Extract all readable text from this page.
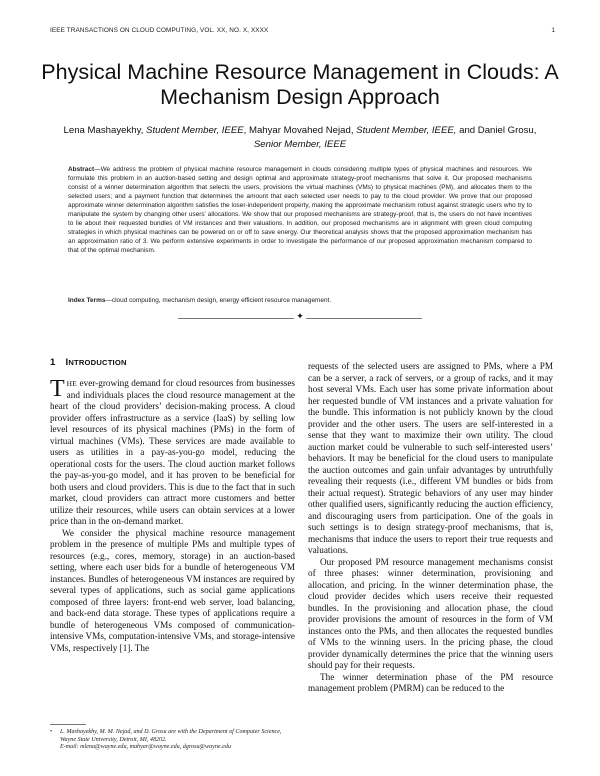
IEEE TRANSACTIONS ON CLOUD COMPUTING, VOL. XX, NO. X, XXXX	1
Physical Machine Resource Management in Clouds: A Mechanism Design Approach
Lena Mashayekhy, Student Member, IEEE, Mahyar Movahed Nejad, Student Member, IEEE, and Daniel Grosu, Senior Member, IEEE
Abstract—We address the problem of physical machine resource management in clouds considering multiple types of physical machines and resources. We formulate this problem in an auction-based setting and design optimal and approximate strategy-proof mechanisms that solve it. Our proposed mechanisms consist of a winner determination algorithm that selects the users, provisions the virtual machines (VMs) to physical machines (PM), and allocates them to the selected users; and a payment function that determines the amount that each selected user needs to pay to the cloud provider. We prove that our proposed approximate winner determination algorithm satisfies the loser-independent property, making the approximate mechanism robust against strategic users who try to manipulate the system by changing other users’ allocations. We show that our proposed mechanisms are strategy-proof, that is, the users do not have incentives to lie about their requested bundles of VM instances and their valuations. In addition, our proposed mechanisms are in alignment with green cloud computing strategies in which physical machines can be powered on or off to save energy. Our theoretical analysis shows that the proposed approximation mechanism has an approximation ratio of 3. We perform extensive experiments in order to investigate the performance of our proposed approximation mechanism compared to that of the optimal mechanism.
Index Terms—cloud computing, mechanism design, energy efficient resource management.
✦
1 INTRODUCTION

THE ever-growing demand for cloud resources from businesses and individuals places the cloud resource management at the heart of the cloud providers’ decision-making process. A cloud provider offers infrastructure as a service (IaaS) by selling low level resources of its physical machines (PMs) in the form of virtual machines (VMs). These services are made available to users as utilities in a pay-as-you-go model, reducing the operational costs for the users. The cloud auction market follows the pay-as-you-go model, and it has proven to be beneficial for both users and cloud providers. This is due to the fact that in such market, cloud providers can attract more customers and better utilize their resources, while users can obtain services at a lower price than in the on-demand market.

We consider the physical machine resource management problem in the presence of multiple PMs and multiple types of resources (e.g., cores, memory, storage) in an auction-based setting, where each user bids for a bundle of heterogeneous VM instances. Bundles of heterogeneous VM instances are required by several types of applications, such as social game applications composed of three layers: front-end web server, load balancing, and back-end data storage. These types of applications require a bundle of heterogeneous VMs composed of communication-intensive VMs, computation-intensive VMs, and storage-intensive VMs, respectively [1]. The

requests of the selected users are assigned to PMs, where a PM can be a server, a rack of servers, or a group of racks, and it may host several VMs. Each user has some private information about her requested bundle of VM instances and a private valuation for the bundle. This information is not publicly known by the cloud provider and the other users. The users are self-interested in a sense that they want to maximize their own utility. The cloud auction market could be vulnerable to such self-interested users’ behaviors. It may be beneficial for the cloud users to manipulate the auction outcomes and gain unfair advantages by untruthfully revealing their requests (i.e., different VM bundles or bids from their actual request). Strategic behaviors of any user may hinder other qualified users, significantly reducing the auction efficiency, and discouraging users from participation. One of the goals in such settings is to design strategy-proof mechanisms, that is, mechanisms that induce the users to report their true requests and valuations.

Our proposed PM resource management mechanisms consist of three phases: winner determination, provisioning and allocation, and pricing. In the winner determination phase, the cloud provider decides which users receive their requested bundles. In the provisioning and allocation phase, the cloud provider provisions the amount of resources in the form of VM instances onto the PMs, and then allocates the requested bundles of VMs to the winning users. In the pricing phase, the cloud provider dynamically determines the price that the winning users should pay for their requests.

The winner determination phase of the PM resource management problem (PMRM) can be reduced to the

• L. Mashayekhy, M. M. Nejad, and D. Grosu are with the Department of Computer Science, Wayne State University, Detroit, MI, 48202.
E-mail: mlena@wayne.edu, mahyar@wayne.edu, dgrosu@wayne.edu
